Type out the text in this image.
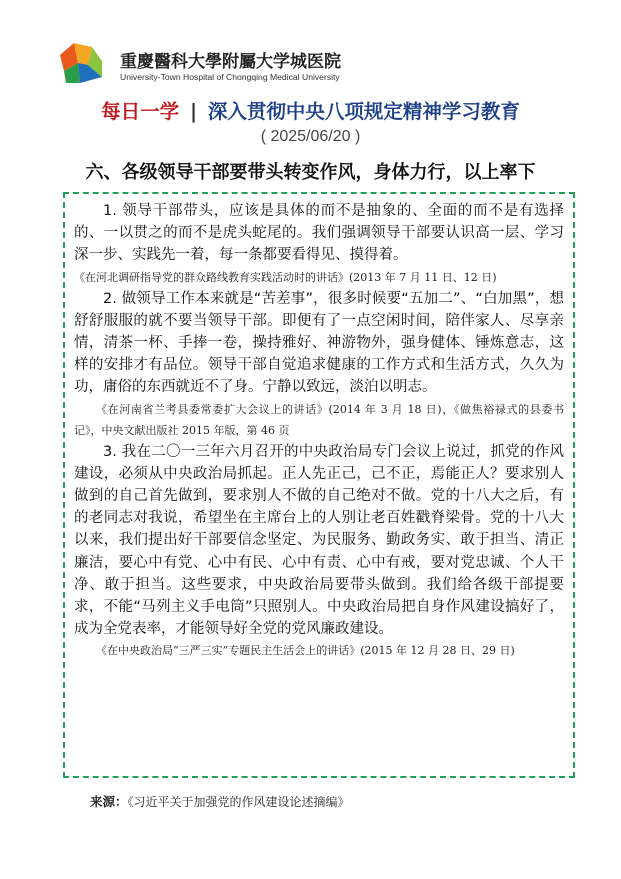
重慶醫科大學附屬大学城医院
University-Town Hospital of Chongqing Medical University
每日一学 | 深入贯彻中央八项规定精神学习教育
( 2025/06/20 )
六、各级领导干部要带头转变作风，身体力行，以上率下

1. 领导干部带头，应该是具体的而不是抽象的、全面的而不是有选择的、一以贯之的而不是虎头蛇尾的。我们强调领导干部要认识高一层、学习深一步、实践先一着，每一条都要看得见、摸得着。

《在河北调研指导党的群众路线教育实践活动时的讲话》(2013 年 7 月 11 日、12 日)

2. 做领导工作本来就是“苦差事”，很多时候要“五加二”、“白加黑”，想舒舒服服的就不要当领导干部。即便有了一点空闲时间，陪伴家人、尽享亲情，清茶一杯、手捧一卷，操持雅好、神游物外，强身健体、锤炼意志，这样的安排才有品位。领导干部自觉追求健康的工作方式和生活方式，久久为功，庸俗的东西就近不了身。宁静以致远，淡泊以明志。

《在河南省兰考县委常委扩大会议上的讲话》(2014 年 3 月 18 日)，《做焦裕禄式的县委书记》，中央文献出版社 2015 年版，第 46 页

3. 我在二〇一三年六月召开的中央政治局专门会议上说过，抓党的作风建设，必须从中央政治局抓起。正人先正己，己不正，焉能正人？要求别人做到的自己首先做到，要求别人不做的自己绝对不做。党的十八大之后，有的老同志对我说，希望坐在主席台上的人别让老百姓戳脊梁骨。党的十八大以来，我们提出好干部要信念坚定、为民服务、勤政务实、敢于担当、清正廉洁，要心中有党、心中有民、心中有责、心中有戒，要对党忠诚、个人干净、敢于担当。这些要求，中央政治局要带头做到。我们给各级干部提要求，不能“马列主义手电筒”只照别人。中央政治局把自身作风建设搞好了，成为全党表率，才能领导好全党的党风廉政建设。

《在中央政治局“三严三实”专题民主生活会上的讲话》(2015 年 12 月 28 日、29 日)

来源：《习近平关于加强党的作风建设论述摘编》
